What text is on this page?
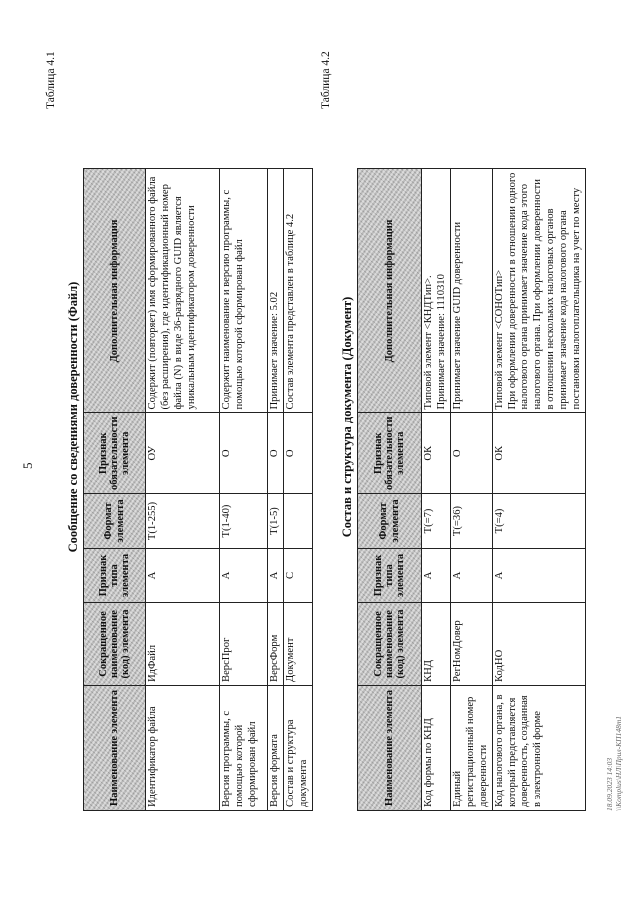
5
Таблица 4.1
Сообщение со сведениями доверенности (Файл)
Наименование элемента	Сокращенное наименование (код) элемента	Признак типа элемента	Формат элемента	Признак обязательности элемента	Дополнительная информация
Идентификатор файла	ИдФайл	А	T(1-255)	ОУ	Содержит (повторяет) имя сформированного файла (без расширения), где идентификационный номер файла (N) в виде 36-разрядного GUID является уникальным идентификатором доверенности
Версия программы, с помощью которой сформирован файл	ВерсПрог	А	T(1-40)	О	Содержит наименование и версию программы, с помощью которой сформирован файл
Версия формата	ВерсФорм	А	T(1-5)	О	Принимает значение: 5.02
Состав и структура документа	Документ	С		О	Состав элемента представлен в таблице 4.2
Таблица 4.2
Состав и структура документа (Документ)
Наименование элемента	Сокращенное наименование (код) элемента	Признак типа элемента	Формат элемента	Признак обязательности элемента	Дополнительная информация
Код формы по КНД	КНД	А	T(=7)	ОК	Типовой элемент <КНДТип>.
Принимает значение: 1110310
Единый регистрационный номер доверенности	РегНомДовер	А	T(=36)	О	Принимает значение GUID доверенности
Код налогового органа, в который представляется доверенность, созданная в электронной форме	КодНО	А	T(=4)	ОК	Типовой элемент <СОНОТип>
При оформлении доверенности в отношении одного налогового органа принимает значение кода этого налогового органа. При оформлении доверенности в отношении нескольких налоговых органов принимает значение кода налогового органа постановки налогоплательщика на учет по месту
18.09.2023 14:03 \\Komplus\НЛ\Прил-КП148т1
